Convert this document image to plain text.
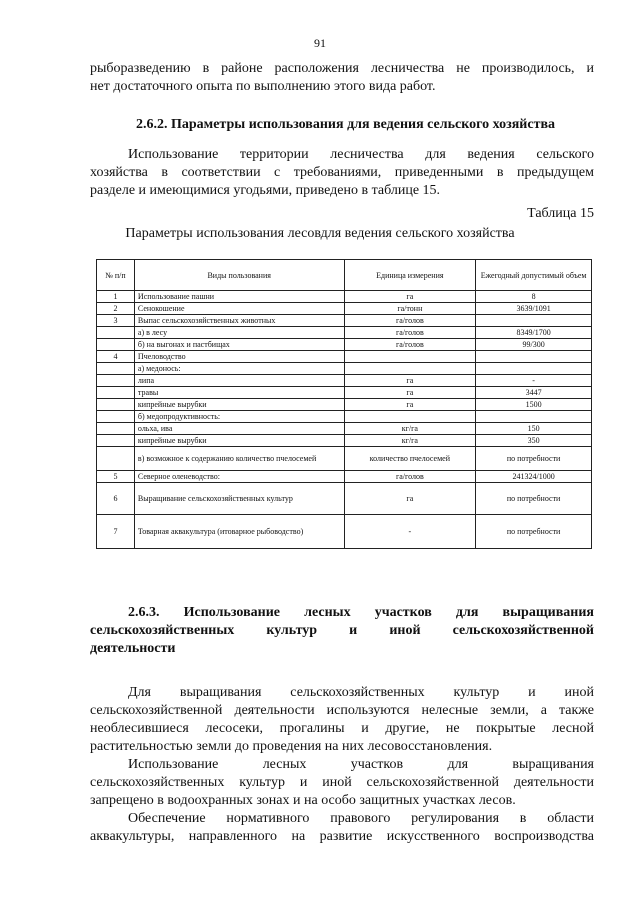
91
рыборазведению в районе расположения лесничества не производилось, и
нет достаточного опыта по выполнению этого вида работ.
2.6.2. Параметры использования для ведения сельского хозяйства
Использование территории лесничества для ведения сельского
хозяйства в соответствии с требованиями, приведенными в предыдущем
разделе и имеющимися угодьями, приведено в таблице 15.
Таблица 15
Параметры использования лесовдля ведения сельского хозяйства
№ п/п	Виды пользования	Единица измерения	Ежегодный допустимый объем
1	Использование пашни	га	8
2	Сенокошение	га/тонн	3639/1091
3	Выпас сельскохозяйственных животных	га/голов	
	а) в лесу	га/голов	8349/1700
	б) на выгонах и пастбищах	га/голов	99/300
4	Пчеловодство		
	а) медонось:		
	липа	га	-
	травы	га	3447
	кипрейные вырубки	га	1500
	б) медопродуктивность:		
	ольха, ива	кг/га	150
	кипрейные вырубки	кг/га	350
	в) возможное к содержанию количество пчелосемей	количество пчелосемей	по потребности
5	Северное оленеводство:	га/голов	241324/1000
6	Выращивание сельскохозяйственных культур	га	по потребности
7	Товарная аквакультура (итоварное рыбоводство)	-	по потребности
2.6.3. Использование лесных участков для выращивания
сельскохозяйственных культур и иной сельскохозяйственной
деятельности
Для выращивания сельскохозяйственных культур и иной
сельскохозяйственной деятельности используются нелесные земли, а также
необлесившиеся лесосеки, прогалины и другие, не покрытые лесной
растительностью земли до проведения на них лесовосстановления.
Использование лесных участков для выращивания
сельскохозяйственных культур и иной сельскохозяйственной деятельности
запрещено в водоохранных зонах и на особо защитных участках лесов.
Обеспечение нормативного правового регулирования в области
аквакультуры, направленного на развитие искусственного воспроизводства
